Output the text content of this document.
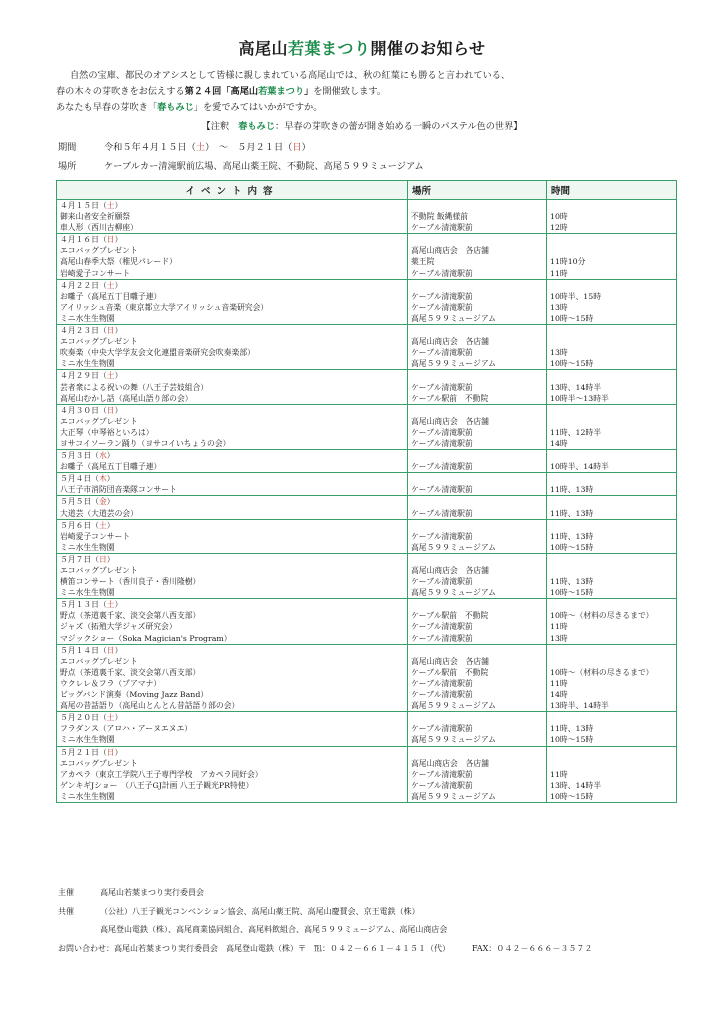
高尾山若葉まつり開催のお知らせ
自然の宝庫、都民のオアシスとして皆様に親しまれている高尾山では、秋の紅葉にも勝ると言われている、
春の木々の芽吹きをお伝えする第２４回「高尾山若葉まつり」を開催致します。
あなたも早春の芽吹き「春もみじ」を愛でみてはいかがですか。
【注釈　春もみじ：早春の芽吹きの蕾が開き始める一瞬のパステル色の世界】
期間	令和５年４月１５日（土）　〜　５月２１日（日）
場所	ケーブルカー清滝駅前広場、高尾山薬王院、不動院、高尾５９９ミュージアム
イベント内容	場所	時間
４月１５日（土）		
御来山者安全祈願祭	不動院 飯縄様前	10時
車人形（西川古柳座）	ケーブル清滝駅前	12時
４月１６日（日）		
エコバッグプレゼント	高尾山商店会　各店舗	
高尾山春季大祭（稚児パレード）	薬王院	11時10分
岩崎愛子コンサート	ケーブル清滝駅前	11時
４月２２日（土）		
お囃子（高尾五丁目囃子連）	ケーブル清滝駅前	10時半、15時
アイリッシュ音楽（東京都立大学アイリッシュ音楽研究会）	ケーブル清滝駅前	13時
ミニ水生生物園	高尾５９９ミュージアム	10時〜15時
４月２３日（日）		
エコバッグプレゼント	高尾山商店会　各店舗	
吹奏楽（中央大学学友会文化連盟音楽研究会吹奏楽部）	ケーブル清滝駅前	13時
ミニ水生生物園	高尾５９９ミュージアム	10時〜15時
４月２９日（土）		
芸者衆による祝いの舞（八王子芸妓組合）	ケーブル清滝駅前	13時、14時半
高尾山むかし話（高尾山語り部の会）	ケーブル駅前　不動院	10時半〜13時半
４月３０日（日）		
エコバッグプレゼント	高尾山商店会　各店舗	
大正琴（中琴裕といろは）	ケーブル清滝駅前	11時、12時半
ヨサコイソーラン踊り（ヨサコイいちょうの会）	ケーブル清滝駅前	14時
５月３日（水）		
お囃子（高尾五丁目囃子連）	ケーブル清滝駅前	10時半、14時半
５月４日（木）		
八王子市消防団音楽隊コンサート	ケーブル清滝駅前	11時、13時
５月５日（金）		
大道芸（大道芸の会）	ケーブル清滝駅前	11時、13時
５月６日（土）		
岩崎愛子コンサート	ケーブル清滝駅前	11時、13時
ミニ水生生物園	高尾５９９ミュージアム	10時〜15時
５月７日（日）		
エコバッグプレゼント	高尾山商店会　各店舗	
横笛コンサート（香川良子・香川隆樹）	ケーブル清滝駅前	11時、13時
ミニ水生生物園	高尾５９９ミュージアム	10時〜15時
５月１３日（土）		
野点（茶道裏千家、淡交会第八西支部）	ケーブル駅前　不動院	10時〜（材料の尽きるまで）
ジャズ（拓殖大学ジャズ研究会）	ケーブル清滝駅前	11時
マジックショー（Soka Magician's Program）	ケーブル清滝駅前	13時
５月１４日（日）		
エコバッグプレゼント	高尾山商店会　各店舗	
野点（茶道裏千家、淡交会第八西支部）	ケーブル駅前　不動院	10時〜（材料の尽きるまで）
ウクレレ＆フラ（プアマナ）	ケーブル清滝駅前	11時
ビッグバンド演奏（Moving Jazz Band）	ケーブル清滝駅前	14時
高尾の昔話語り（高尾山とんとん昔話語り部の会）	高尾５９９ミュージアム	13時半、14時半
５月２０日（土）		
フラダンス（アロハ・アーヌエヌエ）	ケーブル清滝駅前	11時、13時
ミニ水生生物園	高尾５９９ミュージアム	10時〜15時
５月２１日（日）		
エコバッグプレゼント	高尾山商店会　各店舗	
アカペラ（東京工学院八王子専門学校　アカペラ同好会）	ケーブル清滝駅前	11時
ゲンキギJショー　（八王子GJ計画 八王子観光PR特使）	ケーブル清滝駅前	13時、14時半
ミニ水生生物園	高尾５９９ミュージアム	10時〜15時
主催	高尾山若葉まつり実行委員会
共催	（公社）八王子観光コンベンション協会、高尾山薬王院、高尾山慶賛会、京王電鉄（株）
高尾登山電鉄（株）、高尾商業協同組合、高尾料飲組合、高尾５９９ミュージアム、高尾山商店会
お問い合わせ：高尾山若葉まつり実行委員会　高尾登山電鉄（株）〒　℡：０４２－６６１－４１５１（代）	FAX：０４２－６６６－３５７２
